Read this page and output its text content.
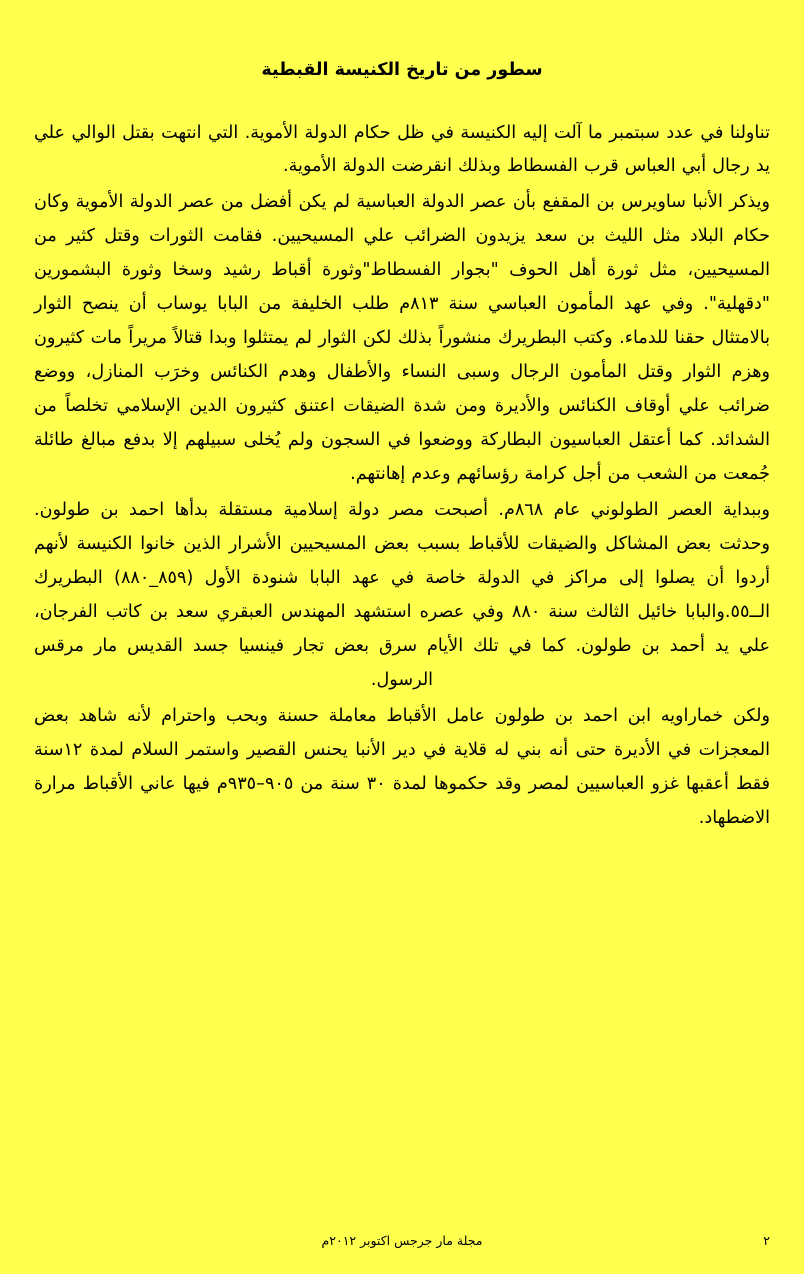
سطور من تاريخ الكنيسة القبطية

تناولنا في عدد سبتمبر ما آلت إليه الكنيسة في ظل حكام الدولة الأموية. التي انتهت بقتل الوالي علي يد رجال أبي العباس قرب الفسطاط وبذلك انقرضت الدولة الأموية.

ويذكر الأنبا ساويرس بن المقفع بأن عصر الدولة العباسية لم يكن أفضل من عصر الدولة الأموية وكان حكام البلاد مثل الليث بن سعد يزيدون الضرائب علي المسيحيين. فقامت الثورات وقتل كثير من المسيحيين، مثل ثورة أهل الحوف "بجوار الفسطاط"وثورة أقباط رشيد وسخا وثورة البشمورين "دقهلية". وفي عهد المأمون العباسي سنة ٨١٣م طلب الخليفة من البابا يوساب أن ينصح الثوار بالامتثال حقنا للدماء. وكتب البطريرك منشوراً بذلك لكن الثوار لم يمتثلوا وبدا قتالاً مريراً مات كثيرون وهزم الثوار وقتل المأمون الرجال وسبى النساء والأطفال وهدم الكنائس وخرَب المنازل، ووضع ضرائب علي أوقاف الكنائس والأديرة ومن شدة الضيقات اعتنق كثيرون الدين الإسلامي تخلصاً من الشدائد. كما أعتقل العباسيون البطاركة ووضعوا في السجون ولم يُخلى سبيلهم إلا بدفع مبالغ طائلة جُمعت من الشعب من أجل كرامة رؤسائهم وعدم إهانتهم.

وببداية العصر الطولوني عام ٨٦٨م. أصبحت مصر دولة إسلامية مستقلة بدأها احمد بن طولون. وحدثت بعض المشاكل والضيقات للأقباط بسبب بعض المسيحيين الأشرار الذين خانوا الكنيسة لأنهم أردوا أن يصلوا إلى مراكز في الدولة خاصة في عهد البابا شنودة الأول (٨٥٩_٨٨٠) البطريرك الــ٥٥.والبابا خائيل الثالث سنة ٨٨٠ وفي عصره استشهد المهندس العبقري سعد بن كاتب الفرجان، علي يد أحمد بن طولون. كما في تلك الأيام سرق بعض تجار فينسيا جسد القديس مار مرقس الرسول.

ولكن خماراويه ابن احمد بن طولون عامل الأقباط معاملة حسنة وبحب واحترام لأنه شاهد بعض المعجزات في الأديرة حتى أنه بني له قلاية في دير الأنبا يحنس القصير واستمر السلام لمدة ١٢سنة فقط أعقبها غزو العباسيين لمصر وقد حكموها لمدة ٣٠ سنة من ٩٠٥–٩٣٥م فيها عاني الأقباط مرارة الاضطهاد.

٢
مجلة مار جرجس اكتوبر ٢٠١٢م
